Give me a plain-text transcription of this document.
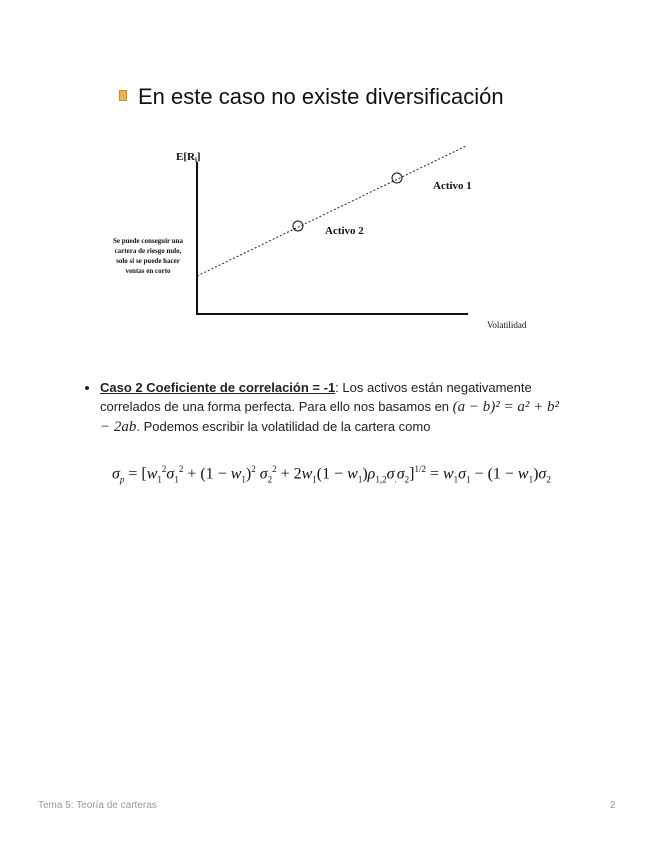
En este caso no existe diversificación
E[Ri]
Activo 1
Activo 2
Volatilidad
Se puede conseguir una cartera de riesgo nulo, solo si se puede hacer ventas en corto
• Caso 2 Coeficiente de correlación = -1: Los activos están negativamente correlados de una forma perfecta. Para ello nos basamos en (a − b)² = a² + b² − 2ab. Podemos escribir la volatilidad de la cartera como
$\sigma_p = [w_1^2\sigma_1^2 + (1 - w_1)^2$ $\sigma_2^2 + 2w_1(1 - w_1)\rho_{1,2}\sigma_.\sigma_2]^{1/2} = w_1\sigma_1 - (1 - w_1)\sigma_2$
Tema 5: Teoría de carteras	2
